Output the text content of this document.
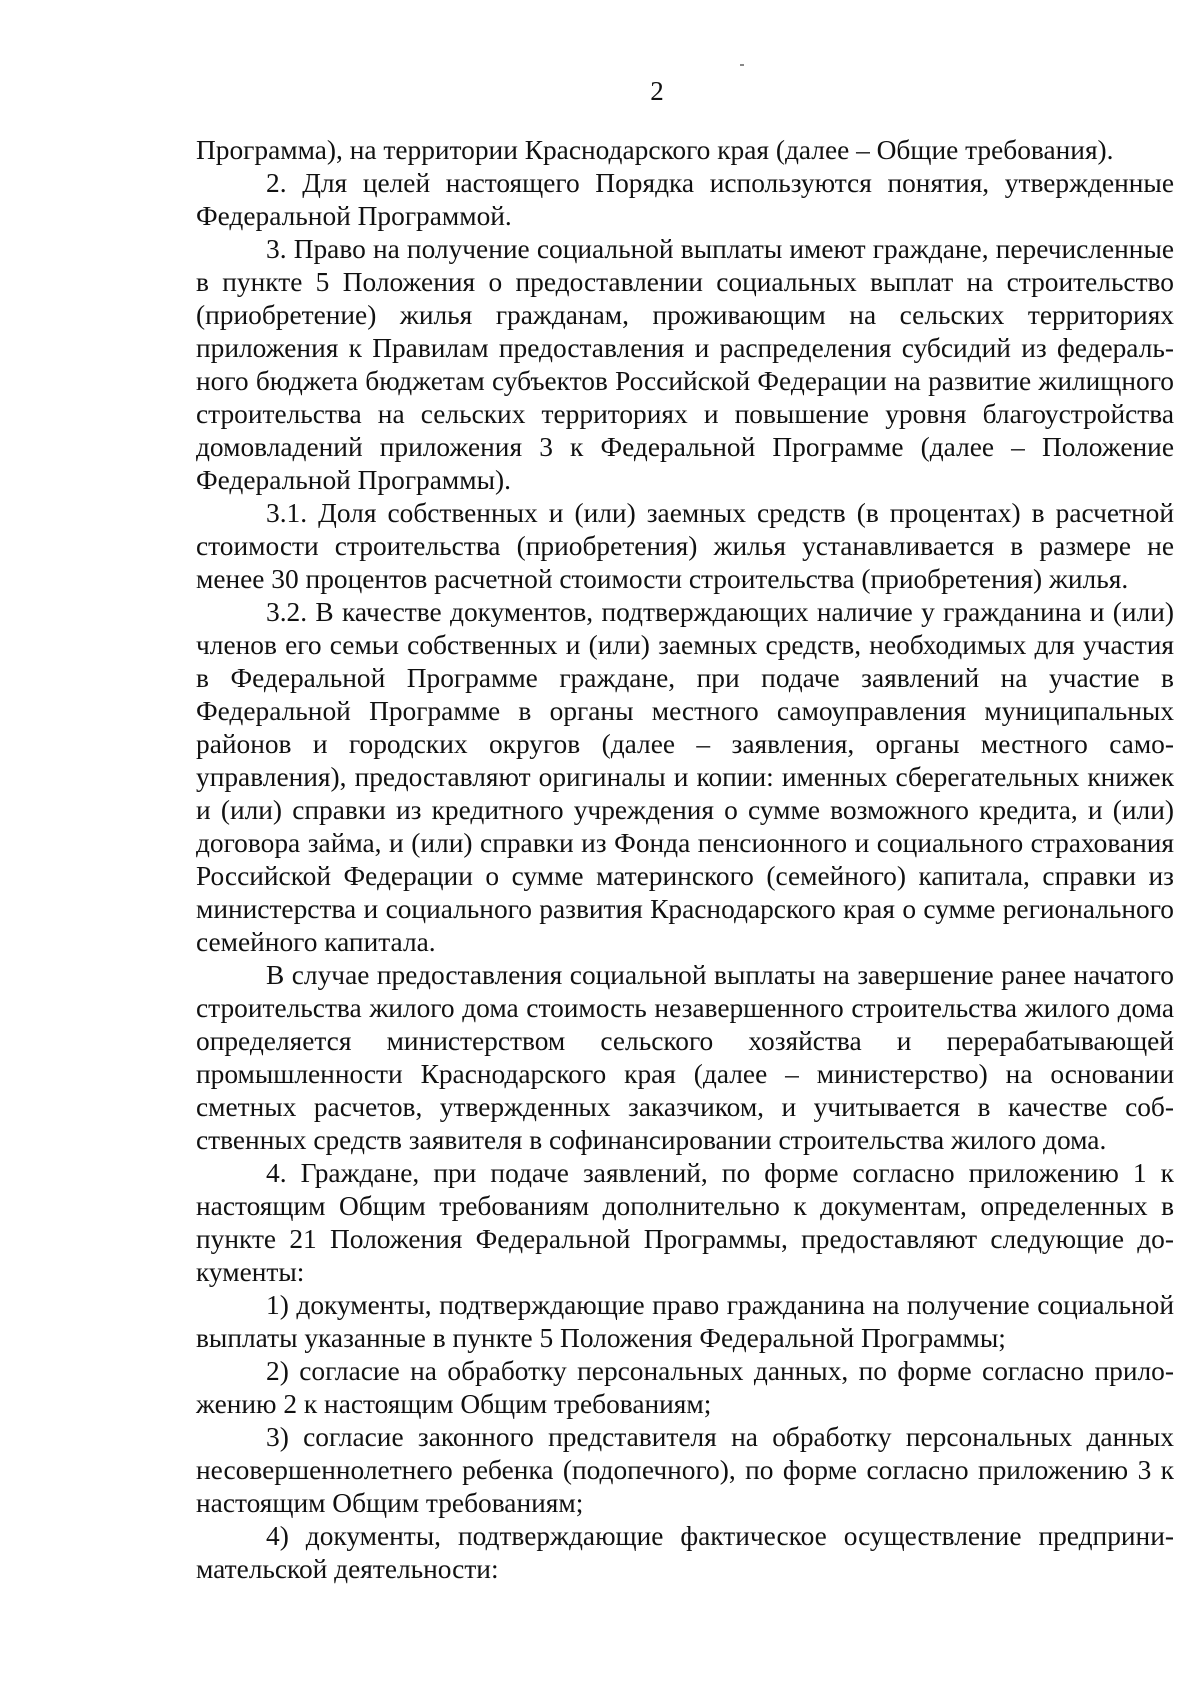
2

Программа), на территории Краснодарского края (далее – Общие требования).

2. Для целей настоящего Порядка используются понятия, утвержденные Федеральной Программой.

3. Право на получение социальной выплаты имеют граждане, перечисленные в пункте 5 Положения о предоставлении социальных выплат на строительство (приобретение) жилья гражданам, проживающим на сельских территориях приложения к Правилам предоставления и распределения субсидий из федерального бюджета бюджетам субъектов Российской Федерации на развитие жилищного строительства на сельских территориях и повышение уровня благоустройства домовладений приложения 3 к Федеральной Программе (далее – Положение Федеральной Программы).

3.1. Доля собственных и (или) заемных средств (в процентах) в расчетной стоимости строительства (приобретения) жилья устанавливается в размере не менее 30 процентов расчетной стоимости строительства (приобретения) жилья.

3.2. В качестве документов, подтверждающих наличие у гражданина и (или) членов его семьи собственных и (или) заемных средств, необходимых для участия в Федеральной Программе граждане, при подаче заявлений на участие в Федеральной Программе в органы местного самоуправления муниципальных районов и городских округов (далее – заявления, органы местного самоуправления), предоставляют оригиналы и копии: именных сберегательных книжек и (или) справки из кредитного учреждения о сумме возможного кредита, и (или) договора займа, и (или) справки из Фонда пенсионного и социального страхования Российской Федерации о сумме материнского (семейного) капитала, справки из министерства и социального развития Краснодарского края о сумме регионального семейного капитала.

В случае предоставления социальной выплаты на завершение ранее начатого строительства жилого дома стоимость незавершенного строительства жилого дома определяется министерством сельского хозяйства и перерабатывающей промышленности Краснодарского края (далее – министерство) на основании сметных расчетов, утвержденных заказчиком, и учитывается в качестве собственных средств заявителя в софинансировании строительства жилого дома.

4. Граждане, при подаче заявлений, по форме согласно приложению 1 к настоящим Общим требованиям дополнительно к документам, определенных в пункте 21 Положения Федеральной Программы, предоставляют следующие документы:

1) документы, подтверждающие право гражданина на получение социальной выплаты указанные в пункте 5 Положения Федеральной Программы;

2) согласие на обработку персональных данных, по форме согласно приложению 2 к настоящим Общим требованиям;

3) согласие законного представителя на обработку персональных данных несовершеннолетнего ребенка (подопечного), по форме согласно приложению 3 к настоящим Общим требованиям;

4) документы, подтверждающие фактическое осуществление предпринимательской деятельности:
